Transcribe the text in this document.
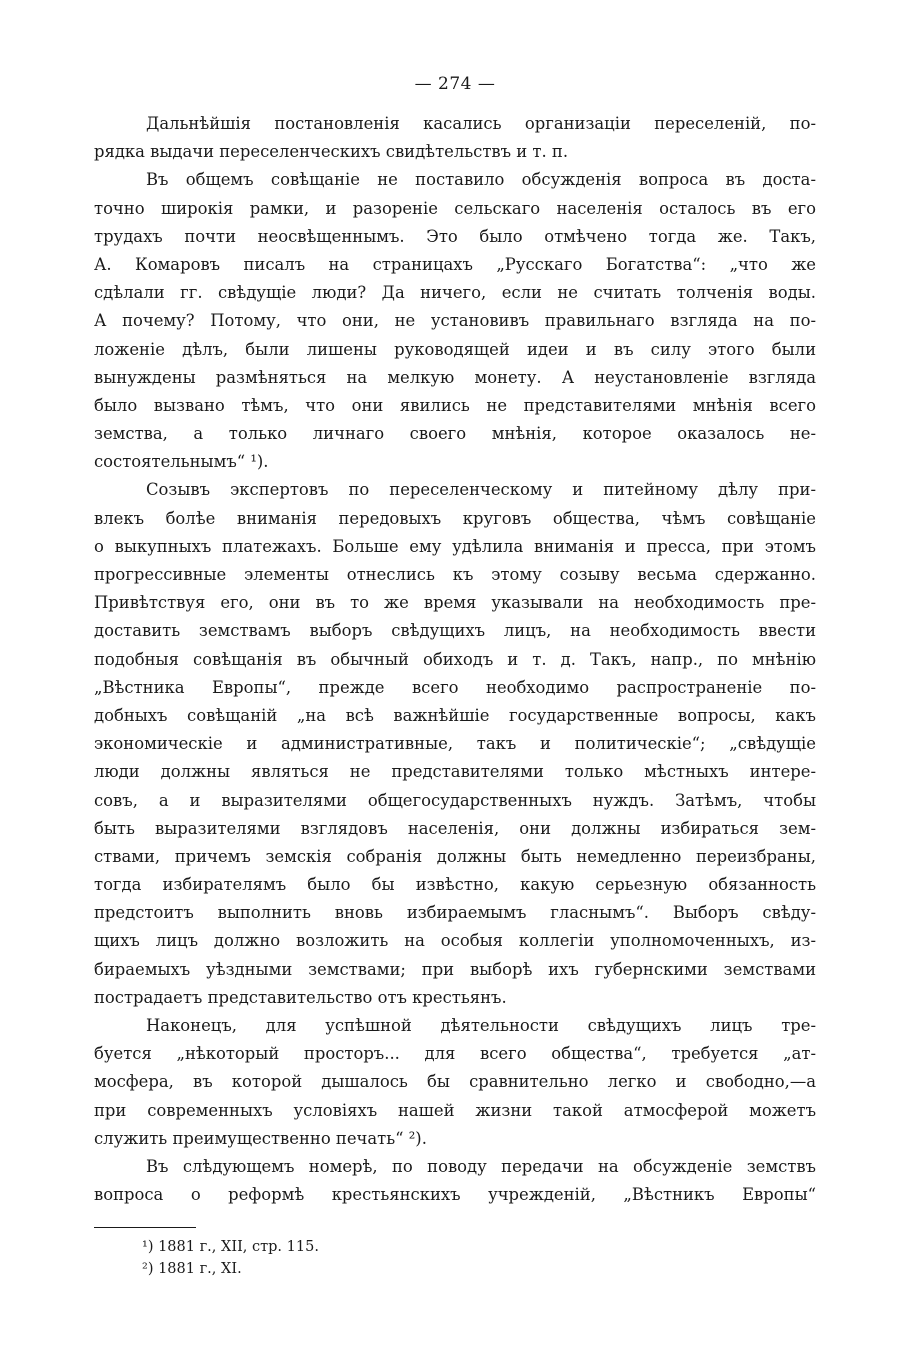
— 274 —
Дальнѣйшія постановленія касались организаціи переселеній, по-
рядка выдачи переселенческихъ свидѣтельствъ и т. п.
Въ общемъ совѣщаніе не поставило обсужденія вопроса въ доста-
точно широкія рамки, и разореніе сельскаго населенія осталось въ его
трудахъ почти неосвѣщеннымъ. Это было отмѣчено тогда же. Такъ,
А. Комаровъ писалъ на страницахъ „Русскаго Богатства“: „что же
сдѣлали гг. свѣдущіе люди? Да ничего, если не считать толченія воды.
А почему? Потому, что они, не установивъ правильнаго взгляда на по-
ложеніе дѣлъ, были лишены руководящей идеи и въ силу этого были
вынуждены размѣняться на мелкую монету. А неустановленіе взгляда
было вызвано тѣмъ, что они явились не представителями мнѣнія всего
земства, а только личнаго своего мнѣнія, которое оказалось не-
состоятельнымъ“ ¹).
Созывъ экспертовъ по переселенческому и питейному дѣлу при-
влекъ болѣе вниманія передовыхъ круговъ общества, чѣмъ совѣщаніе
о выкупныхъ платежахъ. Больше ему удѣлила вниманія и пресса, при этомъ
прогрессивные элементы отнеслись къ этому созыву весьма сдержанно.
Привѣтствуя его, они въ то же время указывали на необходимость пре-
доставить земствамъ выборъ свѣдущихъ лицъ, на необходимость ввести
подобныя совѣщанія въ обычный обиходъ и т. д. Такъ, напр., по мнѣнію
„Вѣстника Европы“, прежде всего необходимо распространеніе по-
добныхъ совѣщаній „на всѣ важнѣйшіе государственные вопросы, какъ
экономическіе и административные, такъ и политическіе“; „свѣдущіе
люди должны являться не представителями только мѣстныхъ интере-
совъ, а и выразителями общегосударственныхъ нуждъ. Затѣмъ, чтобы
быть выразителями взглядовъ населенія, они должны избираться зем-
ствами, причемъ земскія собранія должны быть немедленно переизбраны,
тогда избирателямъ было бы извѣстно, какую серьезную обязанность
предстоитъ выполнить вновь избираемымъ гласнымъ“. Выборъ свѣду-
щихъ лицъ должно возложить на особыя коллегіи уполномоченныхъ, из-
бираемыхъ уѣздными земствами; при выборѣ ихъ губернскими земствами
пострадаетъ представительство отъ крестьянъ.
Наконецъ, для успѣшной дѣятельности свѣдущихъ лицъ тре-
буется „нѣкоторый просторъ... для всего общества“, требуется „ат-
мосфера, въ которой дышалось бы сравнительно легко и свободно,—а
при современныхъ условіяхъ нашей жизни такой атмосферой можетъ
служить преимущественно печать“ ²).
Въ слѣдующемъ номерѣ, по поводу передачи на обсужденіе земствъ
вопроса о реформѣ крестьянскихъ учрежденій, „Вѣстникъ Европы“
¹) 1881 г., XII, стр. 115.
²) 1881 г., XI.
